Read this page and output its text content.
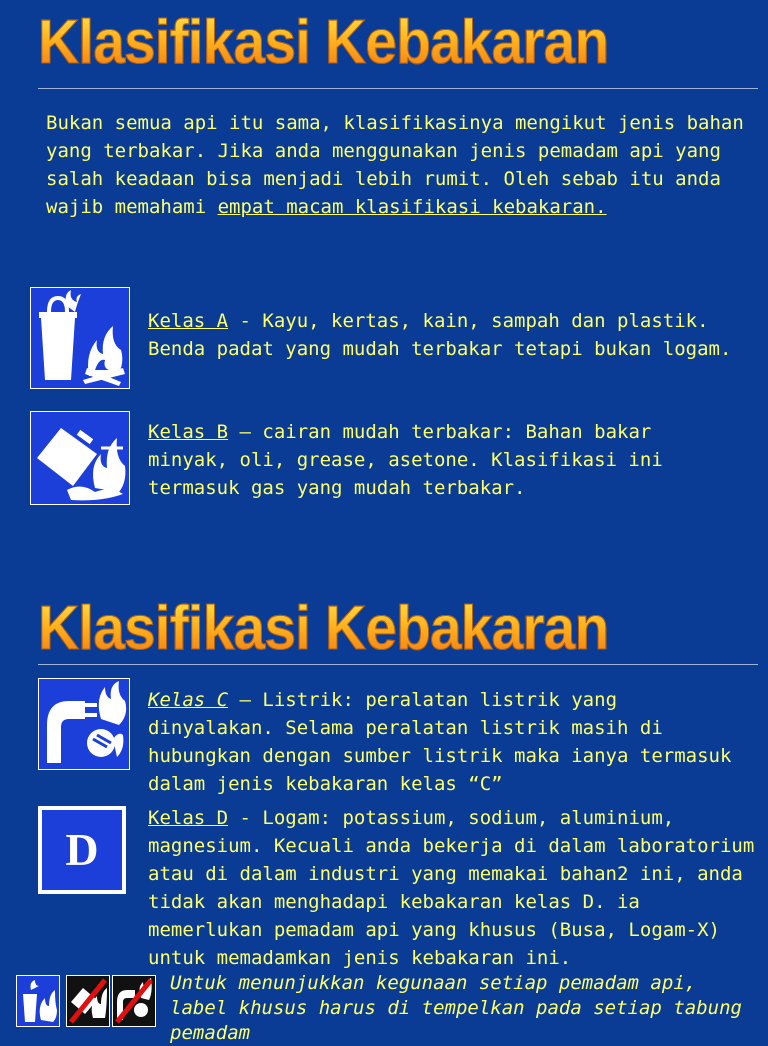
Klasifikasi Kebakaran

Bukan semua api itu sama, klasifikasinya mengikut jenis bahan yang terbakar. Jika anda menggunakan jenis pemadam api yang salah keadaan bisa menjadi lebih rumit. Oleh sebab itu anda wajib memahami empat macam klasifikasi kebakaran.

Kelas A - Kayu, kertas, kain, sampah dan plastik. Benda padat yang mudah terbakar tetapi bukan logam.

Kelas B – cairan mudah terbakar: Bahan bakar minyak, oli, grease, asetone. Klasifikasi ini termasuk gas yang mudah terbakar.

Klasifikasi Kebakaran

Kelas C – Listrik: peralatan listrik yang dinyalakan. Selama peralatan listrik masih di hubungkan dengan sumber listrik maka ianya termasuk dalam jenis kebakaran kelas “C”

D

Kelas D - Logam: potassium, sodium, aluminium, magnesium. Kecuali anda bekerja di dalam laboratorium atau di dalam industri yang memakai bahan2 ini, anda tidak akan menghadapi kebakaran kelas D. ia memerlukan pemadam api yang khusus (Busa, Logam-X) untuk memadamkan jenis kebakaran ini.

Untuk menunjukkan kegunaan setiap pemadam api, label khusus harus di tempelkan pada setiap tabung pemadam
